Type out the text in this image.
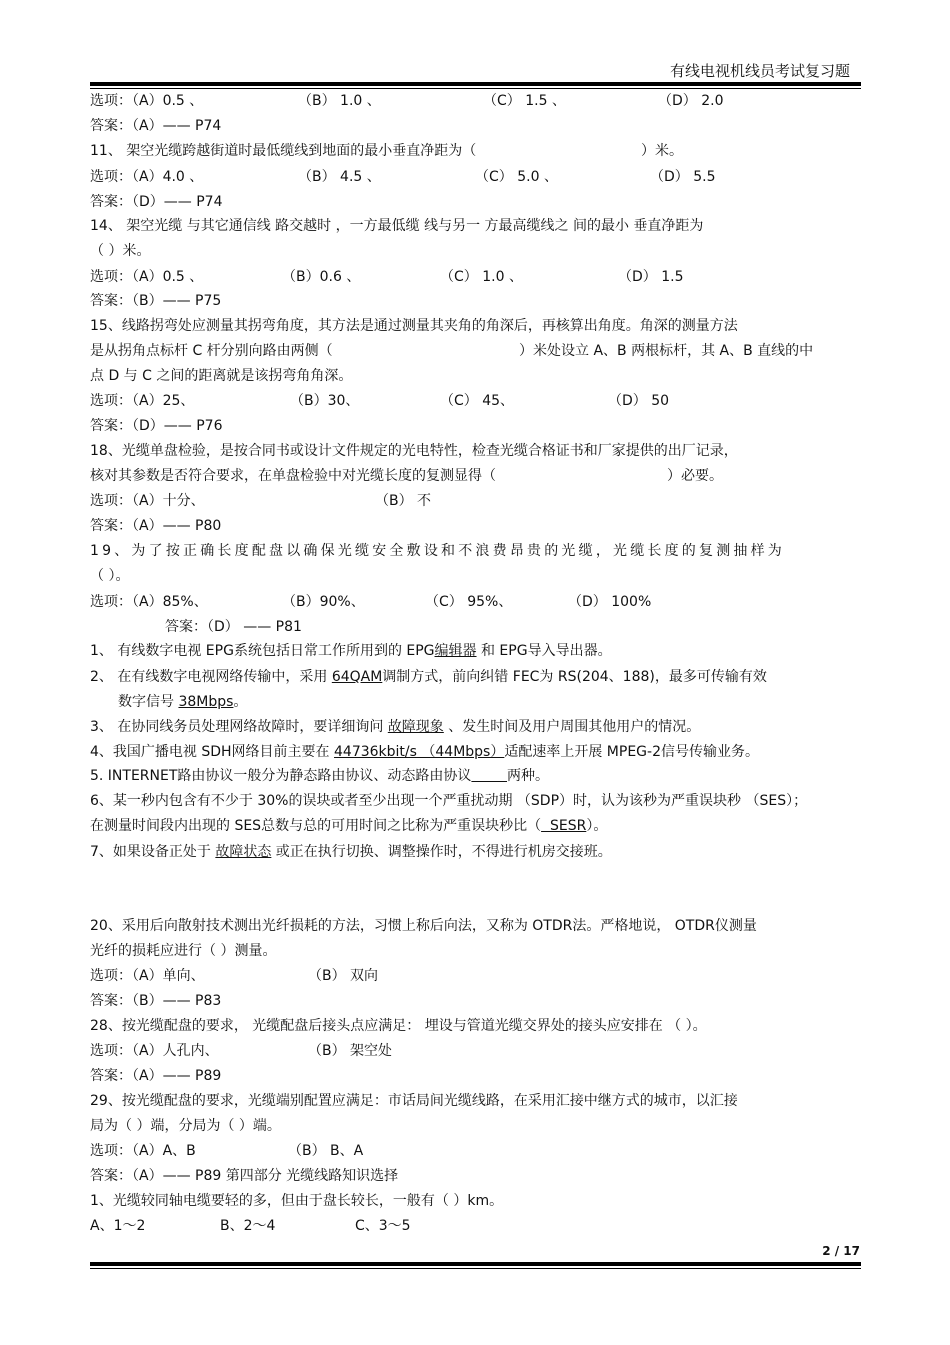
有线电视机线员考试复习题
选项：（A）0.5 、	（B） 1.0 、	（C） 1.5 、	（D） 2.0
答案：（A）—— P74
11、 架空光缆跨越街道时最低缆线到地面的最小垂直净距为（	）米。
选项：（A）4.0 、	（B） 4.5 、	（C） 5.0 、	（D） 5.5
答案：（D）—— P74
14、 架空光缆 与其它通信线 路交越时 ，一方最低缆 线与另一 方最高缆线之 间的最小 垂直净距为
（ ）米。
选项：（A）0.5 、	（B）0.6 、	（C） 1.0 、	（D） 1.5
答案：（B）—— P75
15、线路拐弯处应测量其拐弯角度，其方法是通过测量其夹角的角深后，再核算出角度。角深的测量方法
是从拐角点标杆 C 杆分别向路由两侧（	）米处设立 A、B 两根标杆，其 A、B 直线的中
点 D 与 C 之间的距离就是该拐弯角角深。
选项：（A）25、	（B）30、	（C） 45、	（D） 50
答案：（D）—— P76
18、光缆单盘检验，是按合同书或设计文件规定的光电特性，检查光缆合格证书和厂家提供的出厂记录，
核对其参数是否符合要求，在单盘检验中对光缆长度的复测显得（	）必要。
选项：（A）十分、	（B） 不
答案：（A）—— P80
19、为了按正确长度配盘以确保光缆安全敷设和不浪费昂贵的光缆，光缆长度的复测抽样为
（ ）。
选项：（A）85%、	（B）90%、	（C） 95%、	（D） 100%
答案：（D） —— P81
1、 有线数字电视 EPG系统包括日常工作所用到的 EPG编辑器 和 EPG导入导出器。
2、 在有线数字电视网络传输中，采用 64QAM调制方式，前向纠错 FEC为 RS(204、188)，最多可传输有效
数字信号 38Mbps。
3、 在协同线务员处理网络故障时，要详细询问 故障现象 、发生时间及用户周围其他用户的情况。
4、我国广播电视 SDH网络目前主要在 44736kbit/s （44Mbps）适配速率上开展 MPEG-2信号传输业务。
5. INTERNET路由协议一般分为静态路由协议、动态路由协议	两种。
6、某一秒内包含有不少于 30%的误块或者至少出现一个严重扰动期 （SDP）时，认为该秒为严重误块秒 （SES）；
在测量时间段内出现的 SES总数与总的可用时间之比称为严重误块秒比（  SESR）。
7、如果设备正处于 故障状态 或正在执行切换、调整操作时，不得进行机房交接班。
20、采用后向散射技术测出光纤损耗的方法，习惯上称后向法，又称为 OTDR法。严格地说， OTDR仪测量
光纤的损耗应进行（ ）测量。
选项：（A）单向、	（B） 双向
答案：（B）—— P83
28、按光缆配盘的要求， 光缆配盘后接头点应满足： 埋设与管道光缆交界处的接头应安排在 （ ）。
选项：（A）人孔内、	（B） 架空处
答案：（A）—— P89
29、按光缆配盘的要求，光缆端别配置应满足：市话局间光缆线路，在采用汇接中继方式的城市，以汇接
局为（ ）端，分局为（ ）端。
选项：（A）A、B	（B） B、A
答案：（A）—— P89 第四部分 光缆线路知识选择
1、光缆较同轴电缆要轻的多，但由于盘长较长，一般有（ ）km。
A、1～2	B、2～4	C、3～5
2 / 17
